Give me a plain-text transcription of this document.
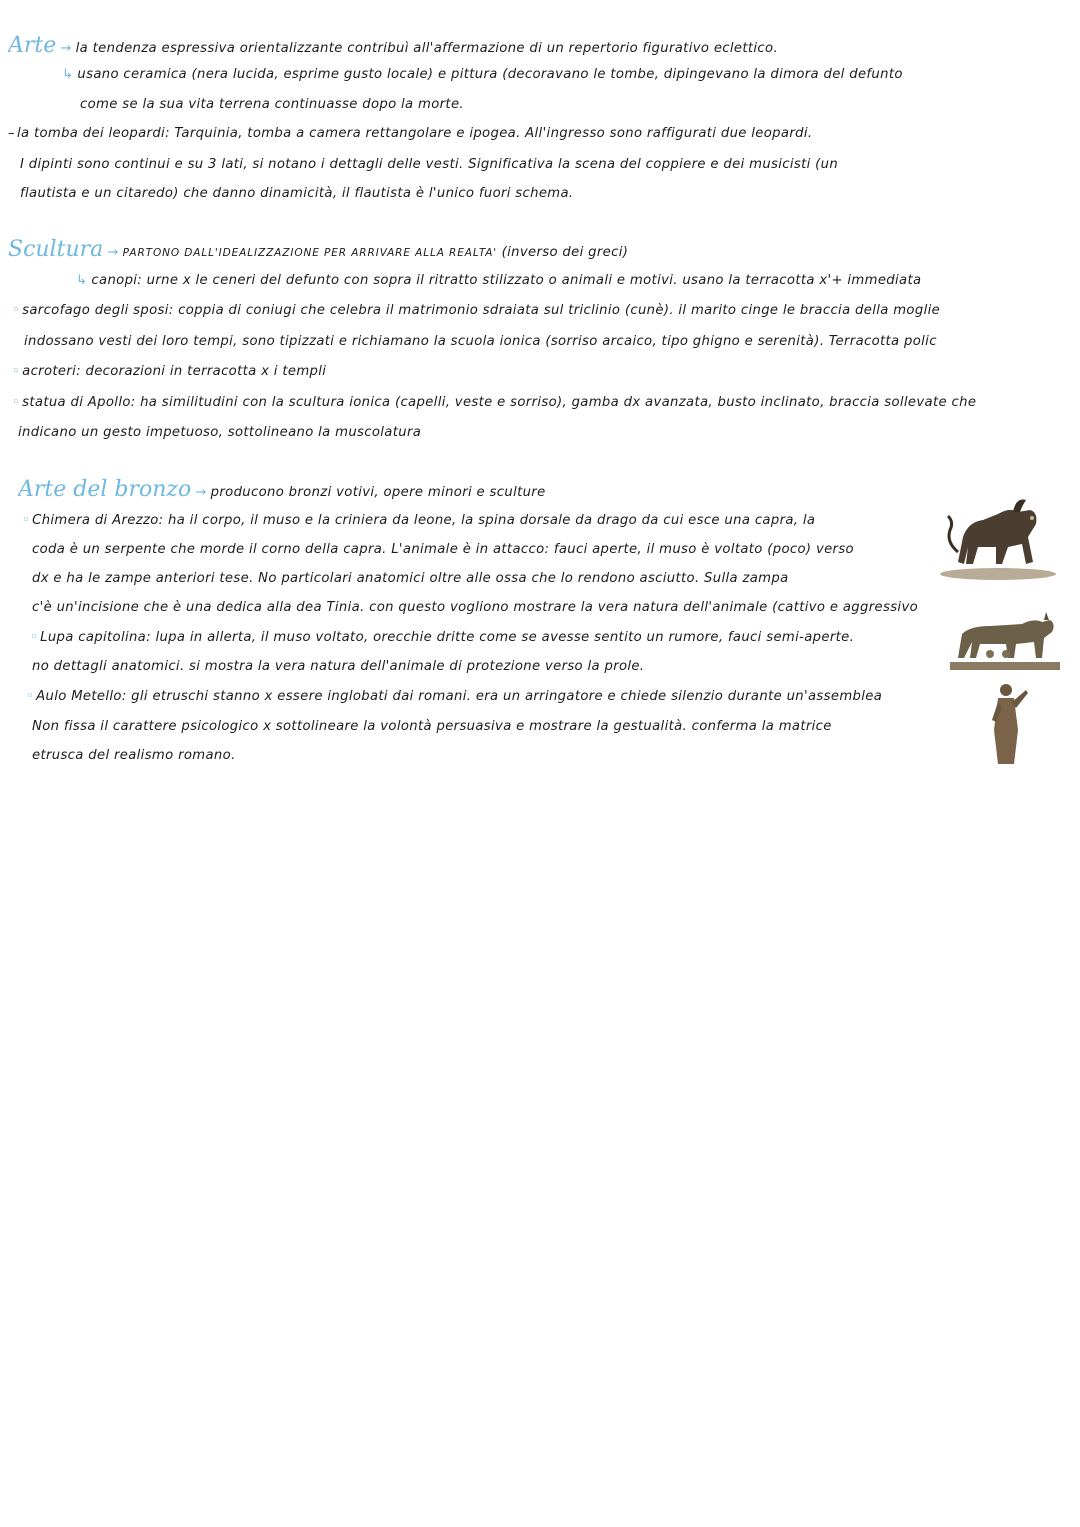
Arte → la tendenza espressiva orientalizzante contribuì all'affermazione di un repertorio figurativo eclettico.
↳ usano ceramica (nera lucida, esprime gusto locale) e pittura (decoravano le tombe, dipingevano la dimora del defunto
come se la sua vita terrena continuasse dopo la morte.
– la tomba dei leopardi: Tarquinia, tomba a camera rettangolare e ipogea. All'ingresso sono raffigurati due leopardi.
I dipinti sono continui e su 3 lati, si notano i dettagli delle vesti. Significativa la scena del coppiere e dei musicisti (un
flautista e un citaredo) che danno dinamicità, il flautista è l'unico fuori schema.
Scultura → PARTONO DALL'IDEALIZZAZIONE PER ARRIVARE ALLA REALTA' (inverso dei greci)
↳ canopi: urne x le ceneri del defunto con sopra il ritratto stilizzato o animali e motivi. usano la terracotta x'+ immediata
◦ sarcofago degli sposi: coppia di coniugi che celebra il matrimonio sdraiata sul triclinio (cunè). il marito cinge le braccia della moglie
indossano vesti dei loro tempi, sono tipizzati e richiamano la scuola ionica (sorriso arcaico, tipo ghigno e serenità). Terracotta polic
◦ acroteri: decorazioni in terracotta x i templi
◦ statua di Apollo: ha similitudini con la scultura ionica (capelli, veste e sorriso), gamba dx avanzata, busto inclinato, braccia sollevate che
indicano un gesto impetuoso, sottolineano la muscolatura
Arte del bronzo → producono bronzi votivi, opere minori e sculture
◦ Chimera di Arezzo: ha il corpo, il muso e la criniera da leone, la spina dorsale da drago da cui esce una capra, la
coda è un serpente che morde il corno della capra. L'animale è in attacco: fauci aperte, il muso è voltato (poco) verso
dx e ha le zampe anteriori tese. No particolari anatomici oltre alle ossa che lo rendono asciutto. Sulla zampa
c'è un'incisione che è una dedica alla dea Tinia. con questo vogliono mostrare la vera natura dell'animale (cattivo e aggressivo
◦ Lupa capitolina: lupa in allerta, il muso voltato, orecchie dritte come se avesse sentito un rumore, fauci semi-aperte.
no dettagli anatomici. si mostra la vera natura dell'animale di protezione verso la prole.
◦ Aulo Metello: gli etruschi stanno x essere inglobati dai romani. era un arringatore e chiede silenzio durante un'assemblea
Non fissa il carattere psicologico x sottolineare la volontà persuasiva e mostrare la gestualità. conferma la matrice
etrusca del realismo romano.
